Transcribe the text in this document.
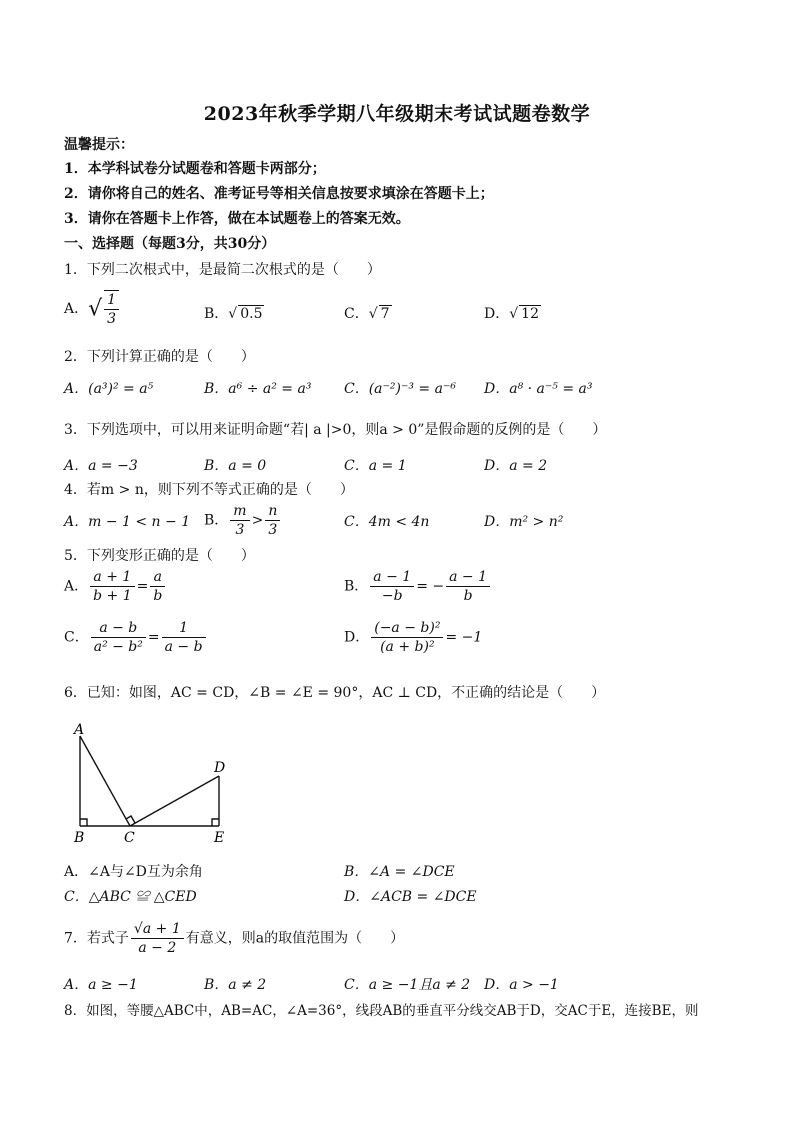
2023年秋季学期八年级期末考试试题卷数学
温馨提示：
1．本学科试卷分试题卷和答题卡两部分；
2．请你将自己的姓名、准考证号等相关信息按要求填涂在答题卡上；
3．请你在答题卡上作答，做在本试题卷上的答案无效。
一、选择题（每题3分，共30分）
1．下列二次根式中，是最简二次根式的是（　　）
A．√ $\frac{1}{3}$	B．√ 0.5	C．√ 7	D．√ 12
2．下列计算正确的是（　　）
A．(a³)² = a⁵	B．a⁶ ÷ a² = a³ C．(a⁻²)⁻³ = a⁻⁶ D．a⁸ · a⁻⁵ = a³
3．下列选项中，可以用来证明命题“若| a |>0，则a > 0”是假命题的反例的是（　　）
A．a = −3	B．a = 0	C．a = 1	D．a = 2
4．若m > n，则下列不等式正确的是（　　）
A．m − 1 < n − 1 B． $\frac{m}{3} > \frac{n}{3}$	C．4m < 4n	D．m² > n²
5．下列变形正确的是（　　）
A． $\frac{a + 1}{b + 1} = \frac{a}{b}$	B． $\frac{a - 1}{-b}$ = − $\frac{a - 1}{b}$
C． $\frac{a - b}{\text{a² − b²}} = \frac{1}{a - b}$	D． $\frac{\text{(−a − b)²}}{\text{(a + b)²}} = -1$
6．已知：如图，AC = CD，∠B = ∠E = 90°，AC ⊥ CD，不正确的结论是（　　）
A
B	C
D
E
A．∠A与∠D互为余角	B．∠A = ∠DCE
C．△ABC ≌ △CED	D．∠ACB = ∠DCE
7．若式子 $\frac{√a + 1}{a - 2}$ 有意义，则a的取值范围为（　　）
A．a ≥ −1	B．a ≠ 2	C．a ≥ −1且a ≠ 2 D．a > −1
8．如图，等腰△ABC中，AB=AC，∠A=36°，线段AB的垂直平分线交AB于D，交AC于E，连接BE，则
